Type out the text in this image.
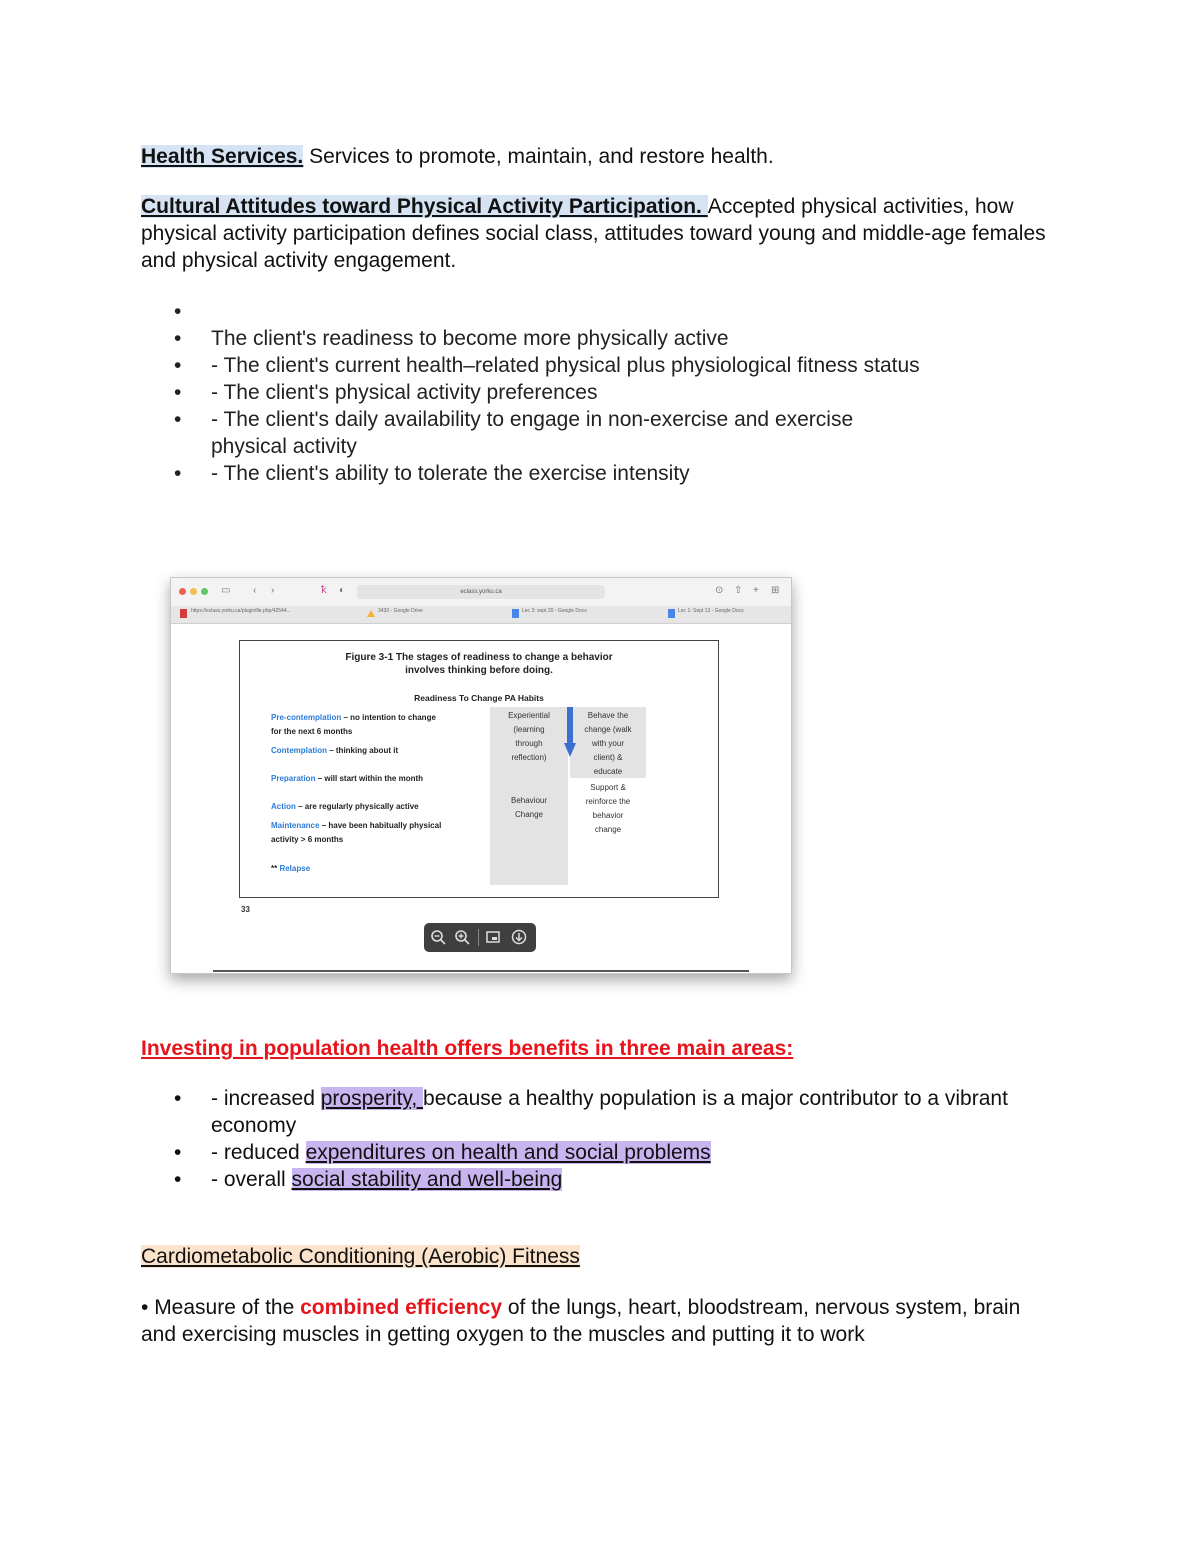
Health Services. Services to promote, maintain, and restore health.
Cultural Attitudes toward Physical Activity Participation. Accepted physical activities, how physical activity participation defines social class, attitudes toward young and middle-age females and physical activity engagement.
•

• The client's readiness to become more physically active
• - The client's current health–related physical plus physiological fitness status
• - The client's physical activity preferences
• - The client's daily availability to engage in non-exercise and exercise physical activity
• - The client's ability to tolerate the exercise intensity
▭ ‹ ›	ꝁ ◐	eclass.yorku.ca	⊙ ⇧ + ⊞
https://eclass.yorku.ca/pluginfile.php/42544...	3430 - Google Drive	Lec 3: sept 20 - Google Docs	Lec 1: Sept 13 - Google Docs
Figure 3-1 The stages of readiness to change a behavior
involves thinking before doing.
Readiness To Change PA Habits
Pre-contemplation – no intention to change
for the next 6 months
Contemplation – thinking about it
Preparation – will start within the month
Action – are regularly physically active
Maintenance – have been habitually physical
activity > 6 months
** Relapse
Experiential
(learning
through
reflection)
Behaviour
Change
Behave the
change (walk
with your
client) &
educate
Support &
reinforce the
behavior
change
33
Investing in population health offers benefits in three main areas:
• - increased prosperity, because a healthy population is a major contributor to a vibrant economy
• - reduced expenditures on health and social problems
• - overall social stability and well-being
Cardiometabolic Conditioning (Aerobic) Fitness
• Measure of the combined efficiency of the lungs, heart, bloodstream, nervous system, brain and exercising muscles in getting oxygen to the muscles and putting it to work
